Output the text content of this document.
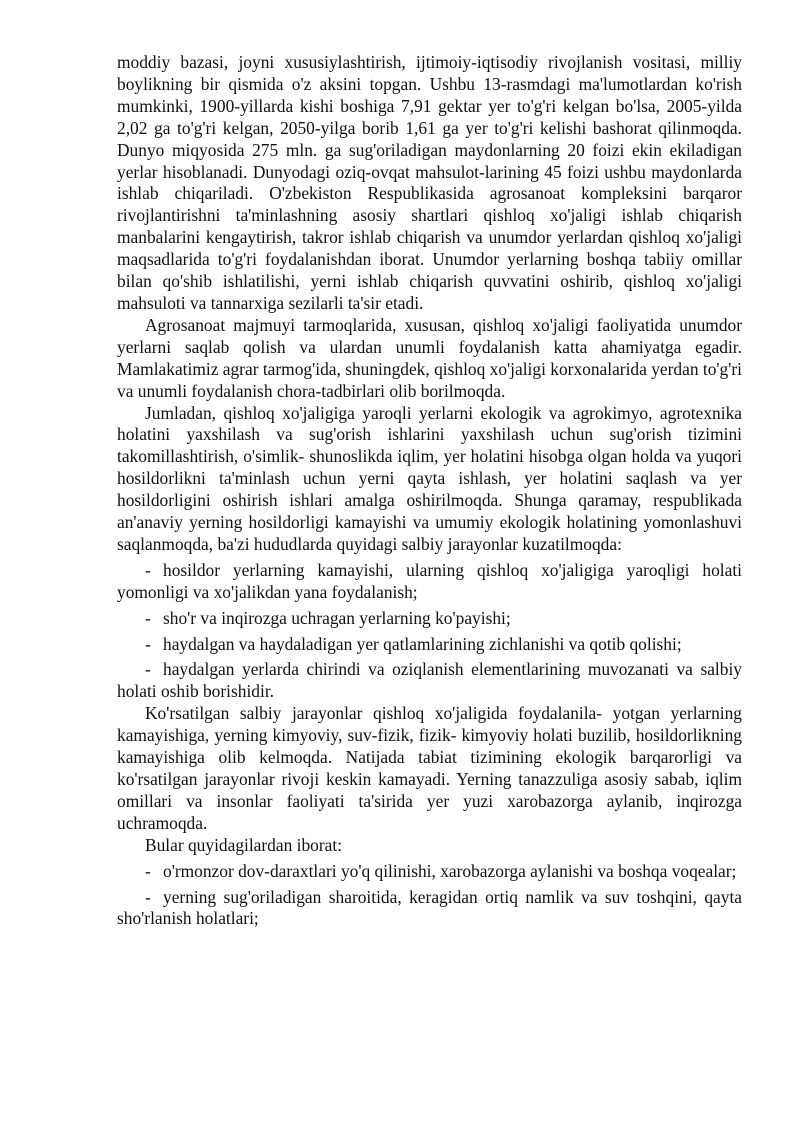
moddiy bazasi, joyni xususiylashtirish, ijtimoiy-iqtisodiy rivojlanish vositasi, milliy boylikning bir qismida o'z aksini topgan. Ushbu 13-rasmdagi ma'lumotlardan ko'rish mumkinki, 1900-yillarda kishi boshiga 7,91 gektar yer to'g'ri kelgan bo'lsa, 2005-yilda 2,02 ga to'g'ri kelgan, 2050-yilga borib 1,61 ga yer to'g'ri kelishi bashorat qilinmoqda. Dunyo miqyosida 275 mln. ga sug'oriladigan maydonlarning 20 foizi ekin ekiladigan yerlar hisoblanadi. Dunyodagi oziq-ovqat mahsulot-larining 45 foizi ushbu maydonlarda ishlab chiqariladi. O'zbekiston Respublikasida agrosanoat kompleksini barqaror rivojlantirishni ta'minlashning asosiy shartlari qishloq xo'jaligi ishlab chiqarish manbalarini kengaytirish, takror ishlab chiqarish va unumdor yerlardan qishloq xo'jaligi maqsadlarida to'g'ri foydalanishdan iborat. Unumdor yerlarning boshqa tabiiy omillar bilan qo'shib ishlatilishi, yerni ishlab chiqarish quvvatini oshirib, qishloq xo'jaligi mahsuloti va tannarxiga sezilarli ta'sir etadi.

Agrosanoat majmuyi tarmoqlarida, xususan, qishloq xo'jaligi faoliyatida unumdor yerlarni saqlab qolish va ulardan unumli foydalanish katta ahamiyatga egadir. Mamlakatimiz agrar tarmog'ida, shuningdek, qishloq xo'jaligi korxonalarida yerdan to'g'ri va unumli foydalanish chora-tadbirlari olib borilmoqda.

Jumladan, qishloq xo'jaligiga yaroqli yerlarni ekologik va agrokimyo, agrotexnika holatini yaxshilash va sug'orish ishlarini yaxshilash uchun sug'orish tizimini takomillashtirish, o'simlik- shunoslikda iqlim, yer holatini hisobga olgan holda va yuqori hosildorlikni ta'minlash uchun yerni qayta ishlash, yer holatini saqlash va yer hosildorligini oshirish ishlari amalga oshirilmoqda. Shunga qaramay, respublikada an'anaviy yerning hosildorligi kamayishi va umumiy ekologik holatining yomonlashuvi saqlanmoqda, ba'zi hududlarda quyidagi salbiy jarayonlar kuzatilmoqda:

- hosildor yerlarning kamayishi, ularning qishloq xo'jaligiga yaroqligi holati yomonligi va xo'jalikdan yana foydalanish;

- sho'r va inqirozga uchragan yerlarning ko'payishi;

- haydalgan va haydaladigan yer qatlamlarining zichlanishi va qotib qolishi;

- haydalgan yerlarda chirindi va oziqlanish elementlarining muvozanati va salbiy holati oshib borishidir.

Ko'rsatilgan salbiy jarayonlar qishloq xo'jaligida foydalanila- yotgan yerlarning kamayishiga, yerning kimyoviy, suv-fizik, fizik- kimyoviy holati buzilib, hosildorlikning kamayishiga olib kelmoqda. Natijada tabiat tizimining ekologik barqarorligi va ko'rsatilgan jarayonlar rivoji keskin kamayadi. Yerning tanazzuliga asosiy sabab, iqlim omillari va insonlar faoliyati ta'sirida yer yuzi xarobazorga aylanib, inqirozga uchramoqda.

Bular quyidagilardan iborat:

- o'rmonzor dov-daraxtlari yo'q qilinishi, xarobazorga aylanishi va boshqa voqealar;

- yerning sug'oriladigan sharoitida, keragidan ortiq namlik va suv toshqini, qayta sho'rlanish holatlari;
